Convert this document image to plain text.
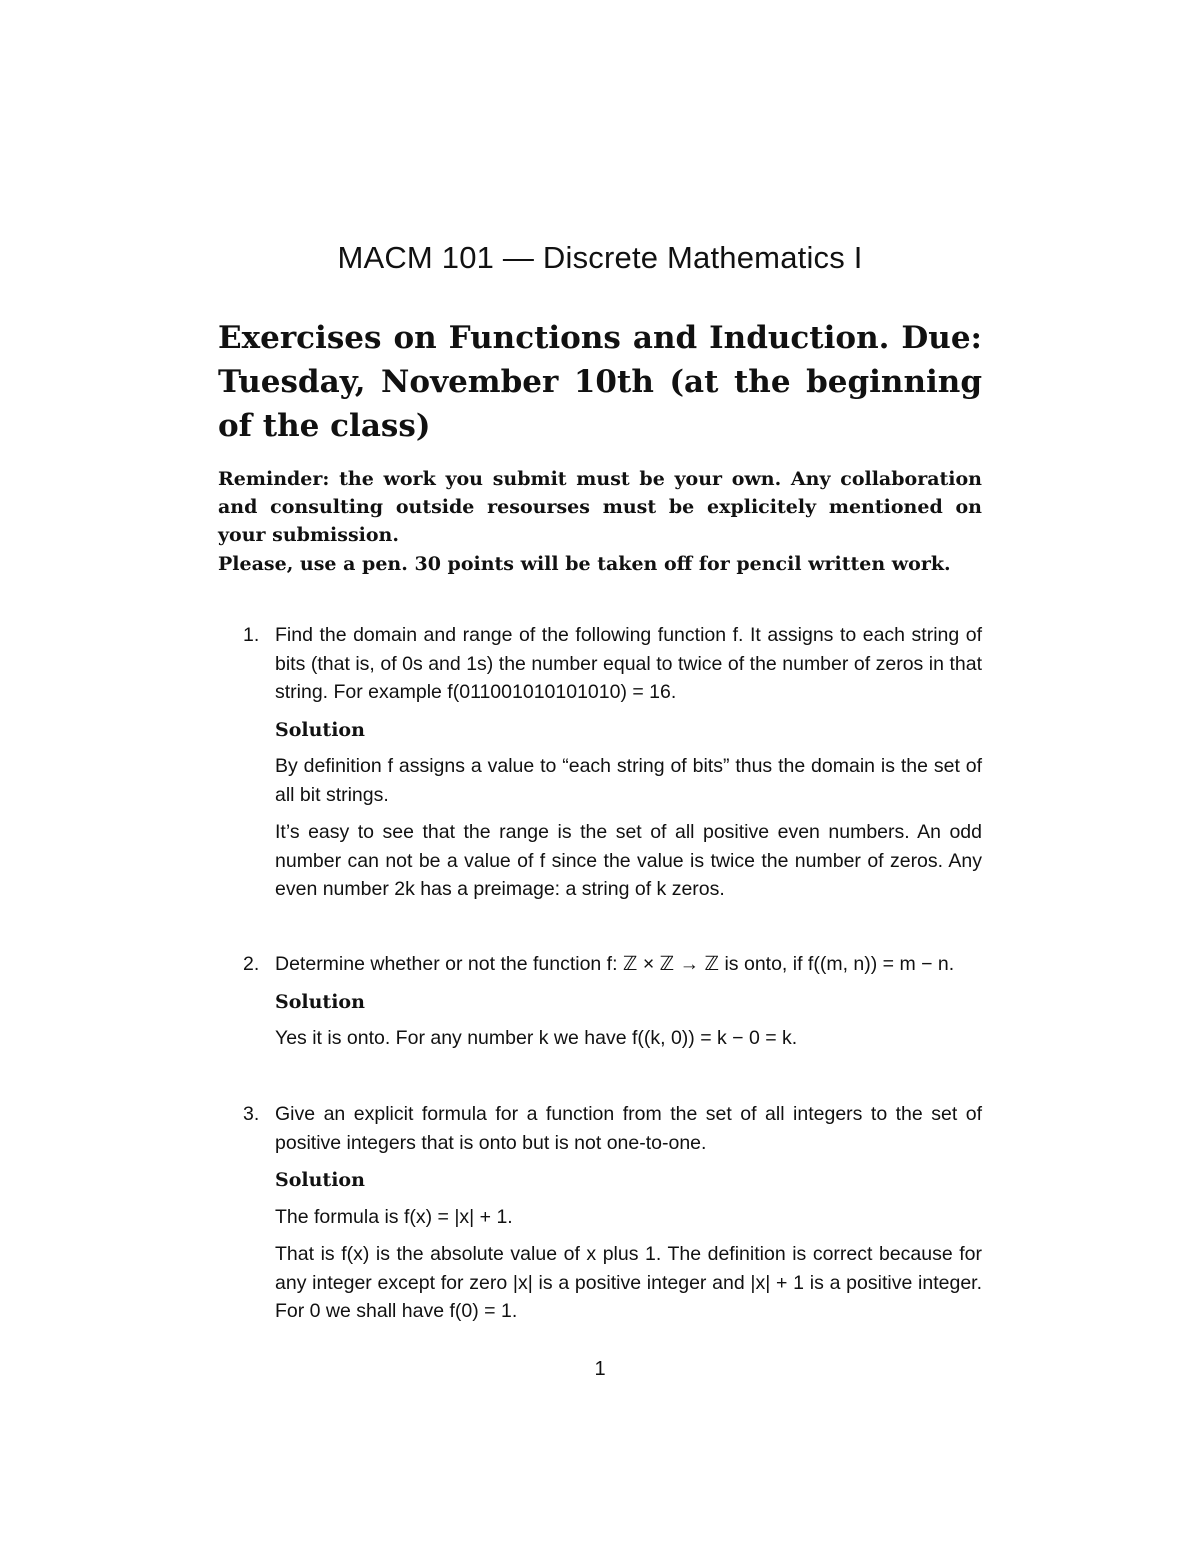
MACM 101 — Discrete Mathematics I
Exercises on Functions and Induction. Due: Tuesday, November 10th (at the beginning of the class)
Reminder: the work you submit must be your own. Any collaboration and consulting outside resourses must be explicitely mentioned on your submission.
Please, use a pen. 30 points will be taken off for pencil written work.
1. Find the domain and range of the following function f. It assigns to each string of bits (that is, of 0s and 1s) the number equal to twice of the number of zeros in that string. For example f(011001010101010) = 16.

Solution

By definition f assigns a value to “each string of bits” thus the domain is the set of all bit strings.

It’s easy to see that the range is the set of all positive even numbers. An odd number can not be a value of f since the value is twice the number of zeros. Any even number 2k has a preimage: a string of k zeros.

2. Determine whether or not the function f: ℤ × ℤ → ℤ is onto, if f((m, n)) = m − n.

Solution

Yes it is onto. For any number k we have f((k, 0)) = k − 0 = k.

3. Give an explicit formula for a function from the set of all integers to the set of positive integers that is onto but is not one-to-one.

Solution

The formula is f(x) = |x| + 1.

That is f(x) is the absolute value of x plus 1. The definition is correct because for any integer except for zero |x| is a positive integer and |x| + 1 is a positive integer. For 0 we shall have f(0) = 1.

1
